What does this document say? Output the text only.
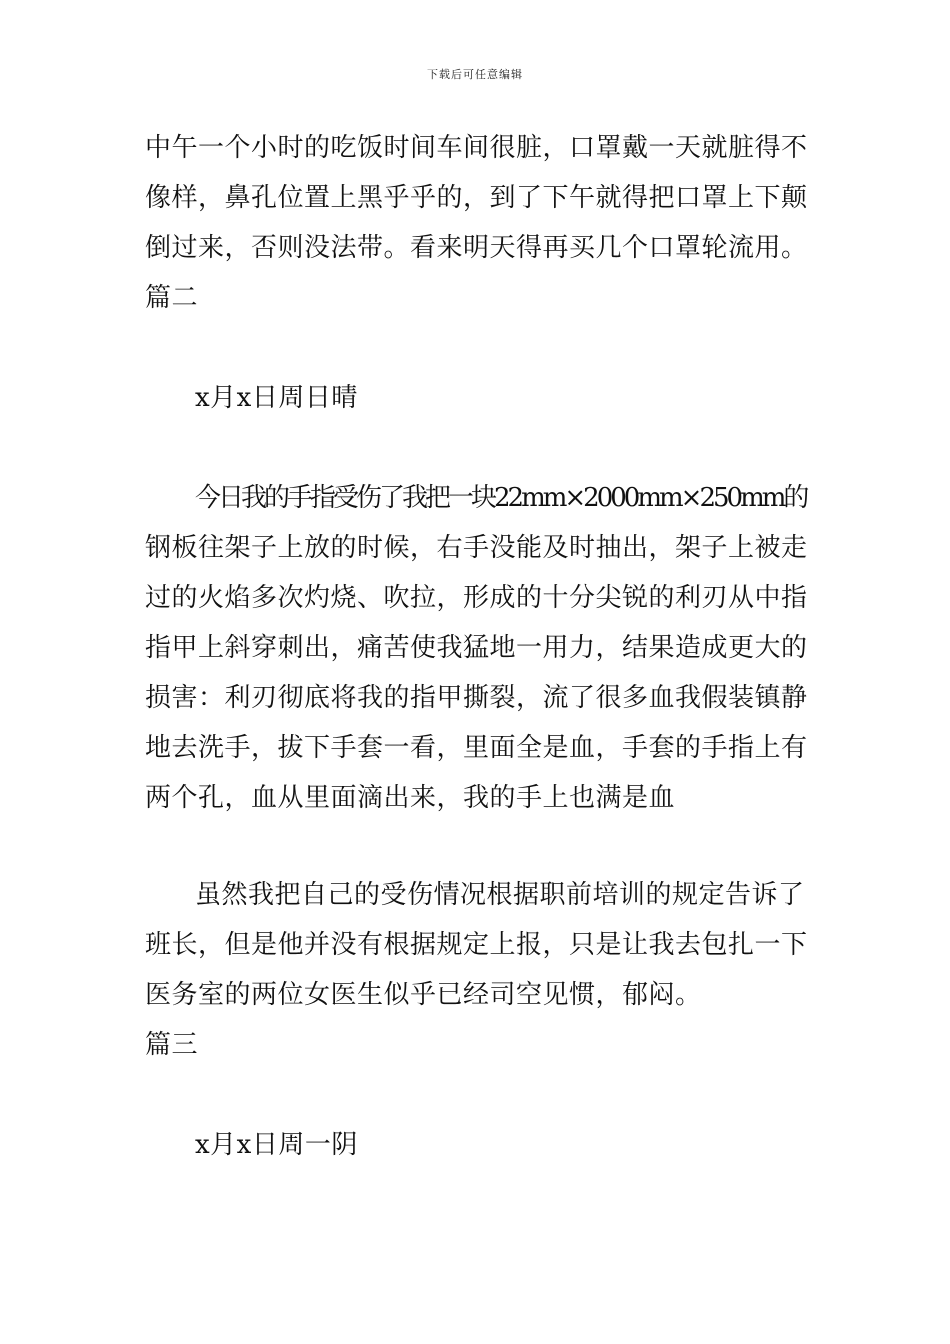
下载后可任意编辑
中午一个小时的吃饭时间车间很脏，口罩戴一天就脏得不
像样，鼻孔位置上黑乎乎的，到了下午就得把口罩上下颠
倒过来，否则没法带。看来明天得再买几个口罩轮流用。
篇二
x月x日周日晴
今日我的手指受伤了我把一块22mm×2000mm×250mm的
钢板往架子上放的时候，右手没能及时抽出，架子上被走
过的火焰多次灼烧、吹拉，形成的十分尖锐的利刃从中指
指甲上斜穿刺出，痛苦使我猛地一用力，结果造成更大的
损害：利刃彻底将我的指甲撕裂，流了很多血我假装镇静
地去洗手，拔下手套一看，里面全是血，手套的手指上有
两个孔，血从里面滴出来，我的手上也满是血
虽然我把自己的受伤情况根据职前培训的规定告诉了
班长，但是他并没有根据规定上报，只是让我去包扎一下
医务室的两位女医生似乎已经司空见惯，郁闷。
篇三
x月x日周一阴
